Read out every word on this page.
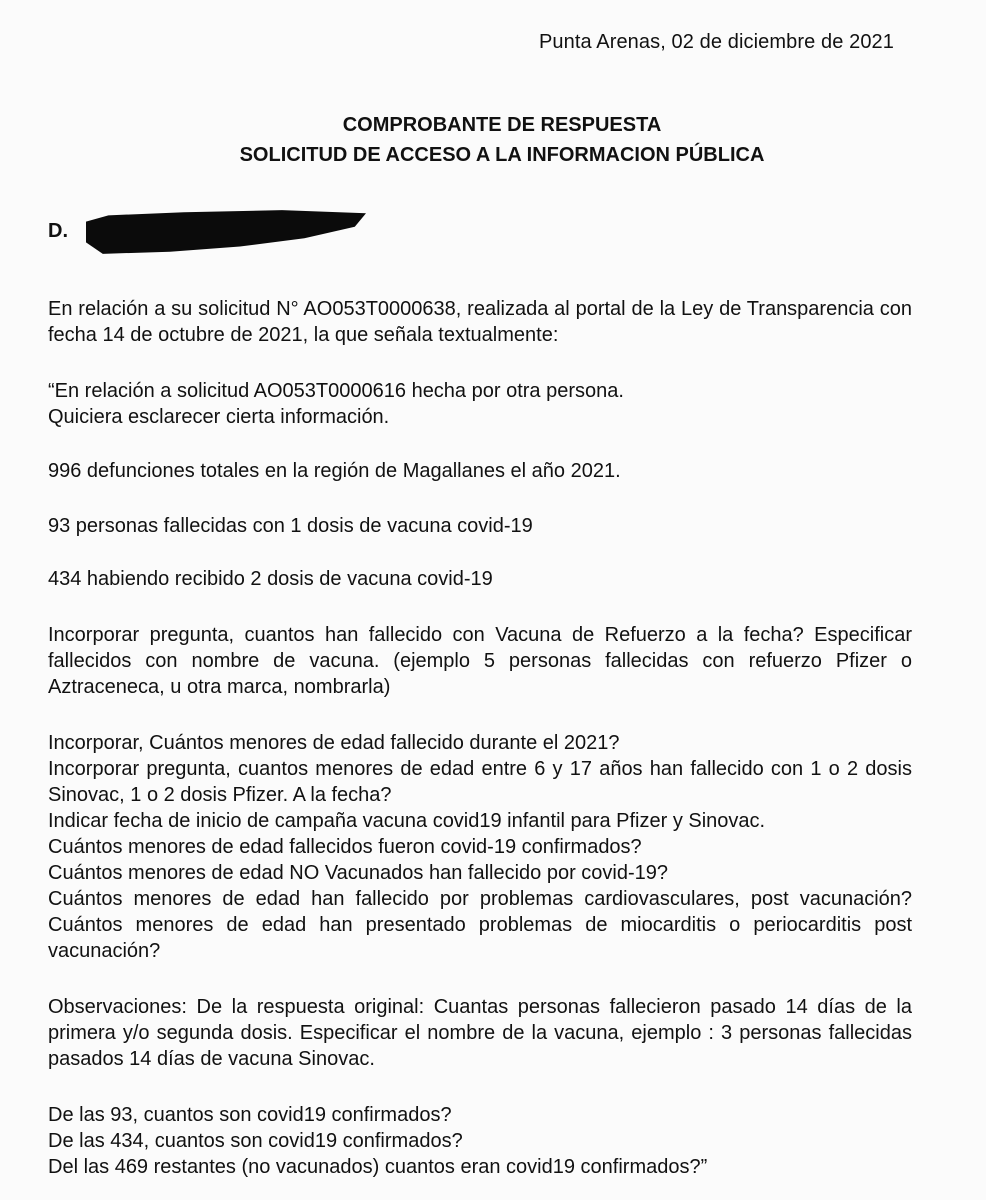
Punta Arenas, 02 de diciembre de 2021
COMPROBANTE DE RESPUESTA
SOLICITUD DE ACCESO A LA INFORMACION PÚBLICA
D.

En relación a su solicitud N° AO053T0000638, realizada al portal de la Ley de Transparencia con fecha 14 de octubre de 2021, la que señala textualmente:

“En relación a solicitud AO053T0000616 hecha por otra persona.
Quiciera esclarecer cierta información.
996 defunciones totales en la región de Magallanes el año 2021.
93 personas fallecidas con 1 dosis de vacuna covid-19
434 habiendo recibido 2 dosis de vacuna covid-19

Incorporar pregunta, cuantos han fallecido con Vacuna de Refuerzo a la fecha? Especificar fallecidos con nombre de vacuna. (ejemplo 5 personas fallecidas con refuerzo Pfizer o Aztraceneca, u otra marca, nombrarla)

Incorporar, Cuántos menores de edad fallecido durante el 2021?
Incorporar pregunta, cuantos menores de edad entre 6 y 17 años han fallecido con 1 o 2 dosis Sinovac, 1 o 2 dosis Pfizer. A la fecha?
Indicar fecha de inicio de campaña vacuna covid19 infantil para Pfizer y Sinovac.
Cuántos menores de edad fallecidos fueron covid-19 confirmados?
Cuántos menores de edad NO Vacunados han fallecido por covid-19?
Cuántos menores de edad han fallecido por problemas cardiovasculares, post vacunación? Cuántos menores de edad han presentado problemas de miocarditis o periocarditis post vacunación?

Observaciones: De la respuesta original: Cuantas personas fallecieron pasado 14 días de la primera y/o segunda dosis. Especificar el nombre de la vacuna, ejemplo : 3 personas fallecidas pasados 14 días de vacuna Sinovac.

De las 93, cuantos son covid19 confirmados?
De las 434, cuantos son covid19 confirmados?
Del las 469 restantes (no vacunados) cuantos eran covid19 confirmados?”
